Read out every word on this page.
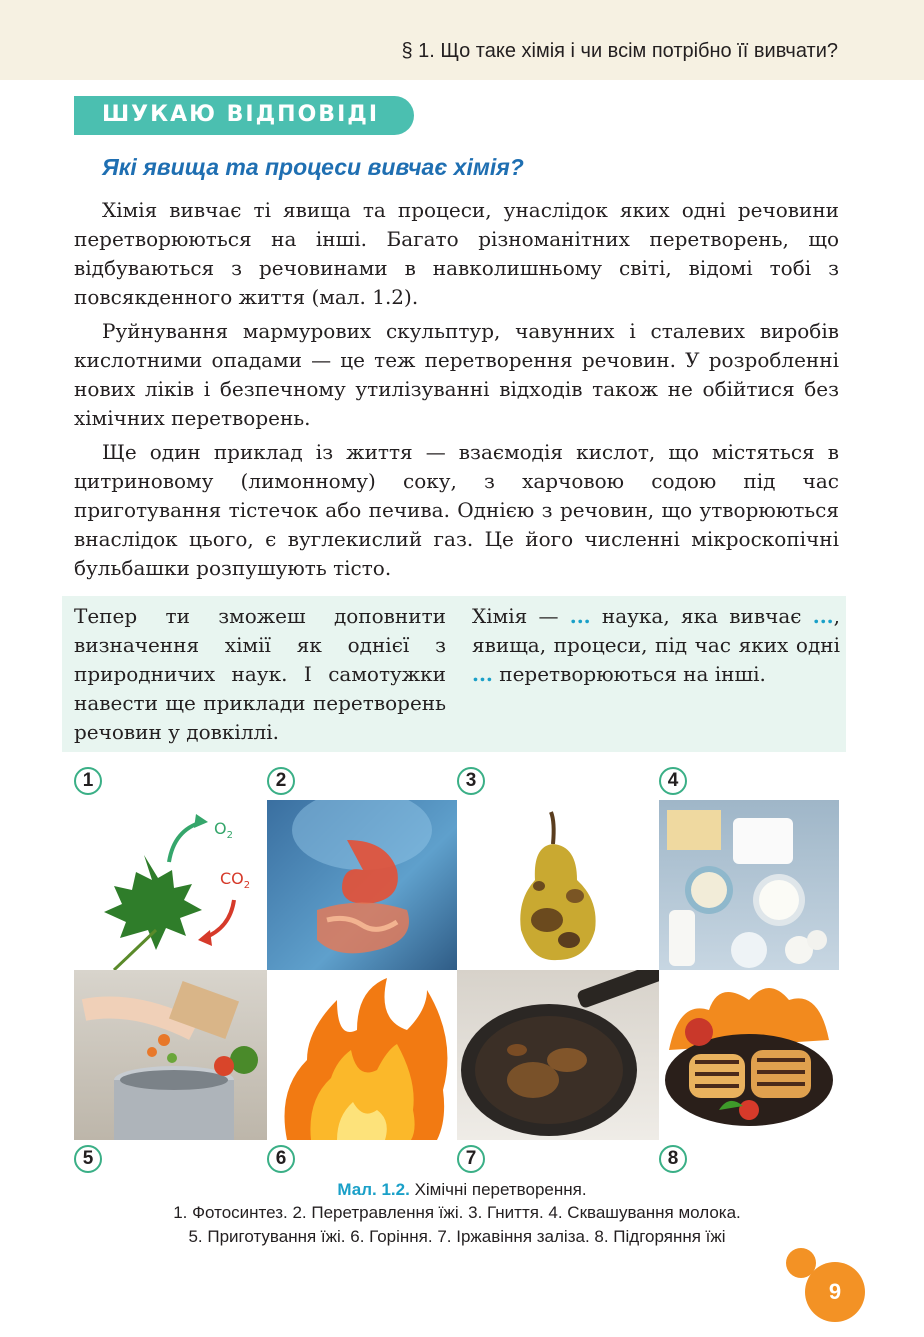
§ 1. Що таке хімія і чи всім потрібно її вивчати?
ШУКАЮ ВІДПОВІДІ
Які явища та процеси вивчає хімія?

Хімія вивчає ті явища та процеси, унаслідок яких одні речовини перетворюються на інші. Багато різноманітних перетворень, що відбуваються з речовинами в навколишньому світі, відомі тобі з повсякденного життя (мал. 1.2).

Руйнування мармурових скульптур, чавунних і сталевих виробів кислотними опадами — це теж перетворення речовин. У розробленні нових ліків і безпечному утилізуванні відходів також не обійтися без хімічних перетворень.

Ще один приклад із життя — взаємодія кислот, що містяться в цитриновому (лимонному) соку, з харчовою содою під час приготування тістечок або печива. Однією з речовин, що утворюються внаслідок цього, є вуглекислий газ. Це його численні мікроскопічні бульбашки розпушують тісто.

Тепер ти зможеш доповнити визначення хімії як однієї з природничих наук. І самотужки навести ще приклади перетворень речовин у довкіллі.

Хімія — ... наука, яка вивчає ..., явища, процеси, під час яких одні ... перетворюються на інші.

1	2	3	4
$O_2$
$CO_2$
5	6	7	8
Мал. 1.2. Хімічні перетворення.
1. Фотосинтез. 2. Перетравлення їжі. 3. Гниття. 4. Сквашування молока.
5. Приготування їжі. 6. Горіння. 7. Іржавіння заліза. 8. Підгоряння їжі
9
